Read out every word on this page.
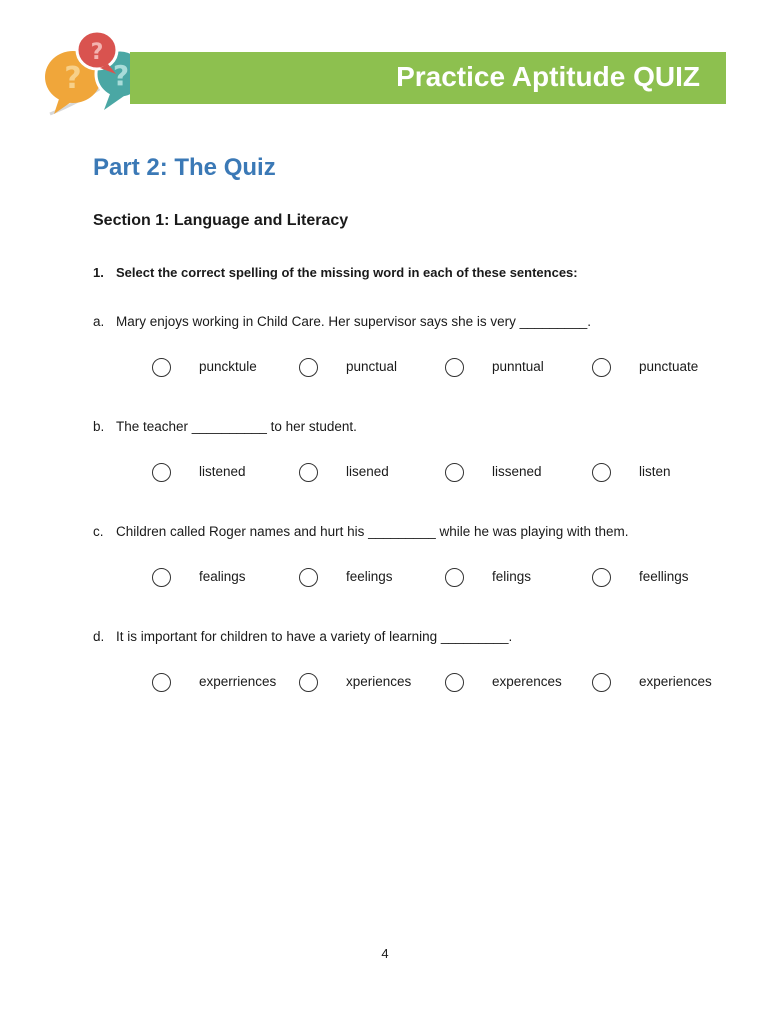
? ?
?
Practice Aptitude QUIZ
Part 2: The Quiz
Section 1: Language and Literacy
1. Select the correct spelling of the missing word in each of these sentences:
a. Mary enjoys working in Child Care. Her supervisor says she is very _________.
puncktule	punctual	punntual	punctuate
b. The teacher __________ to her student.
listened	lisened	lissened	listen
c. Children called Roger names and hurt his _________ while he was playing with them.
fealings	feelings	felings	feellings
d. It is important for children to have a variety of learning _________.
experriences	xperiences	experences	experiences
4
